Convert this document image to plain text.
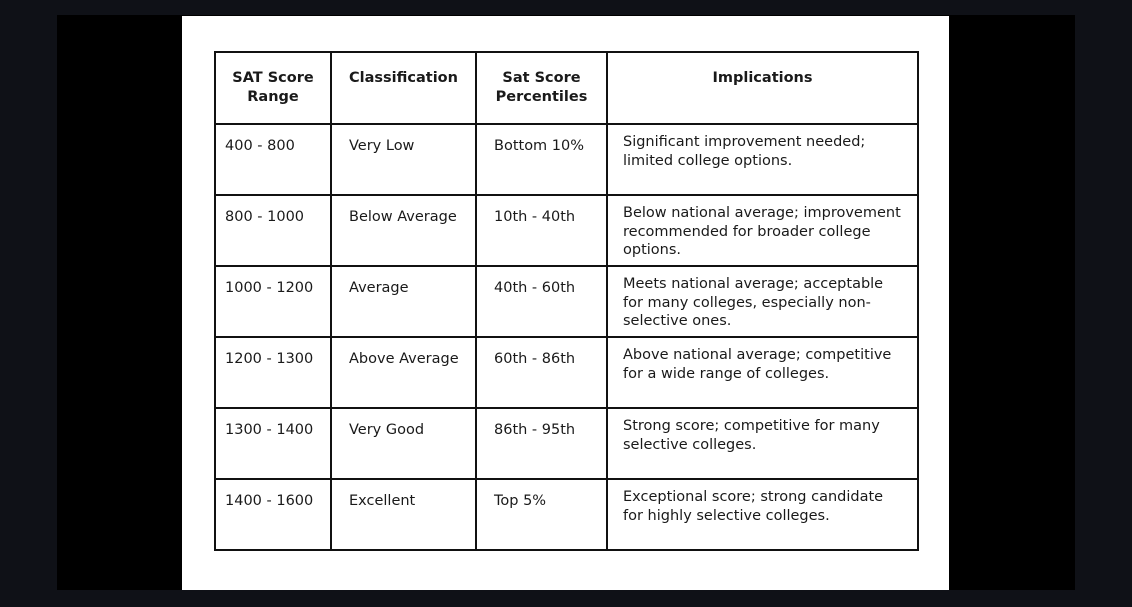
SAT Score Range	Classification	Sat Score Percentiles	Implications
400 - 800	Very Low	Bottom 10%	Significant improvement needed; limited college options.
800 - 1000	Below Average	10th - 40th	Below national average; improvement recommended for broader college options.
1000 - 1200	Average	40th - 60th	Meets national average; acceptable for many colleges, especially non-selective ones.
1200 - 1300	Above Average	60th - 86th	Above national average; competitive for a wide range of colleges.
1300 - 1400	Very Good	86th - 95th	Strong score; competitive for many selective colleges.
1400 - 1600	Excellent	Top 5%	Exceptional score; strong candidate for highly selective colleges.
